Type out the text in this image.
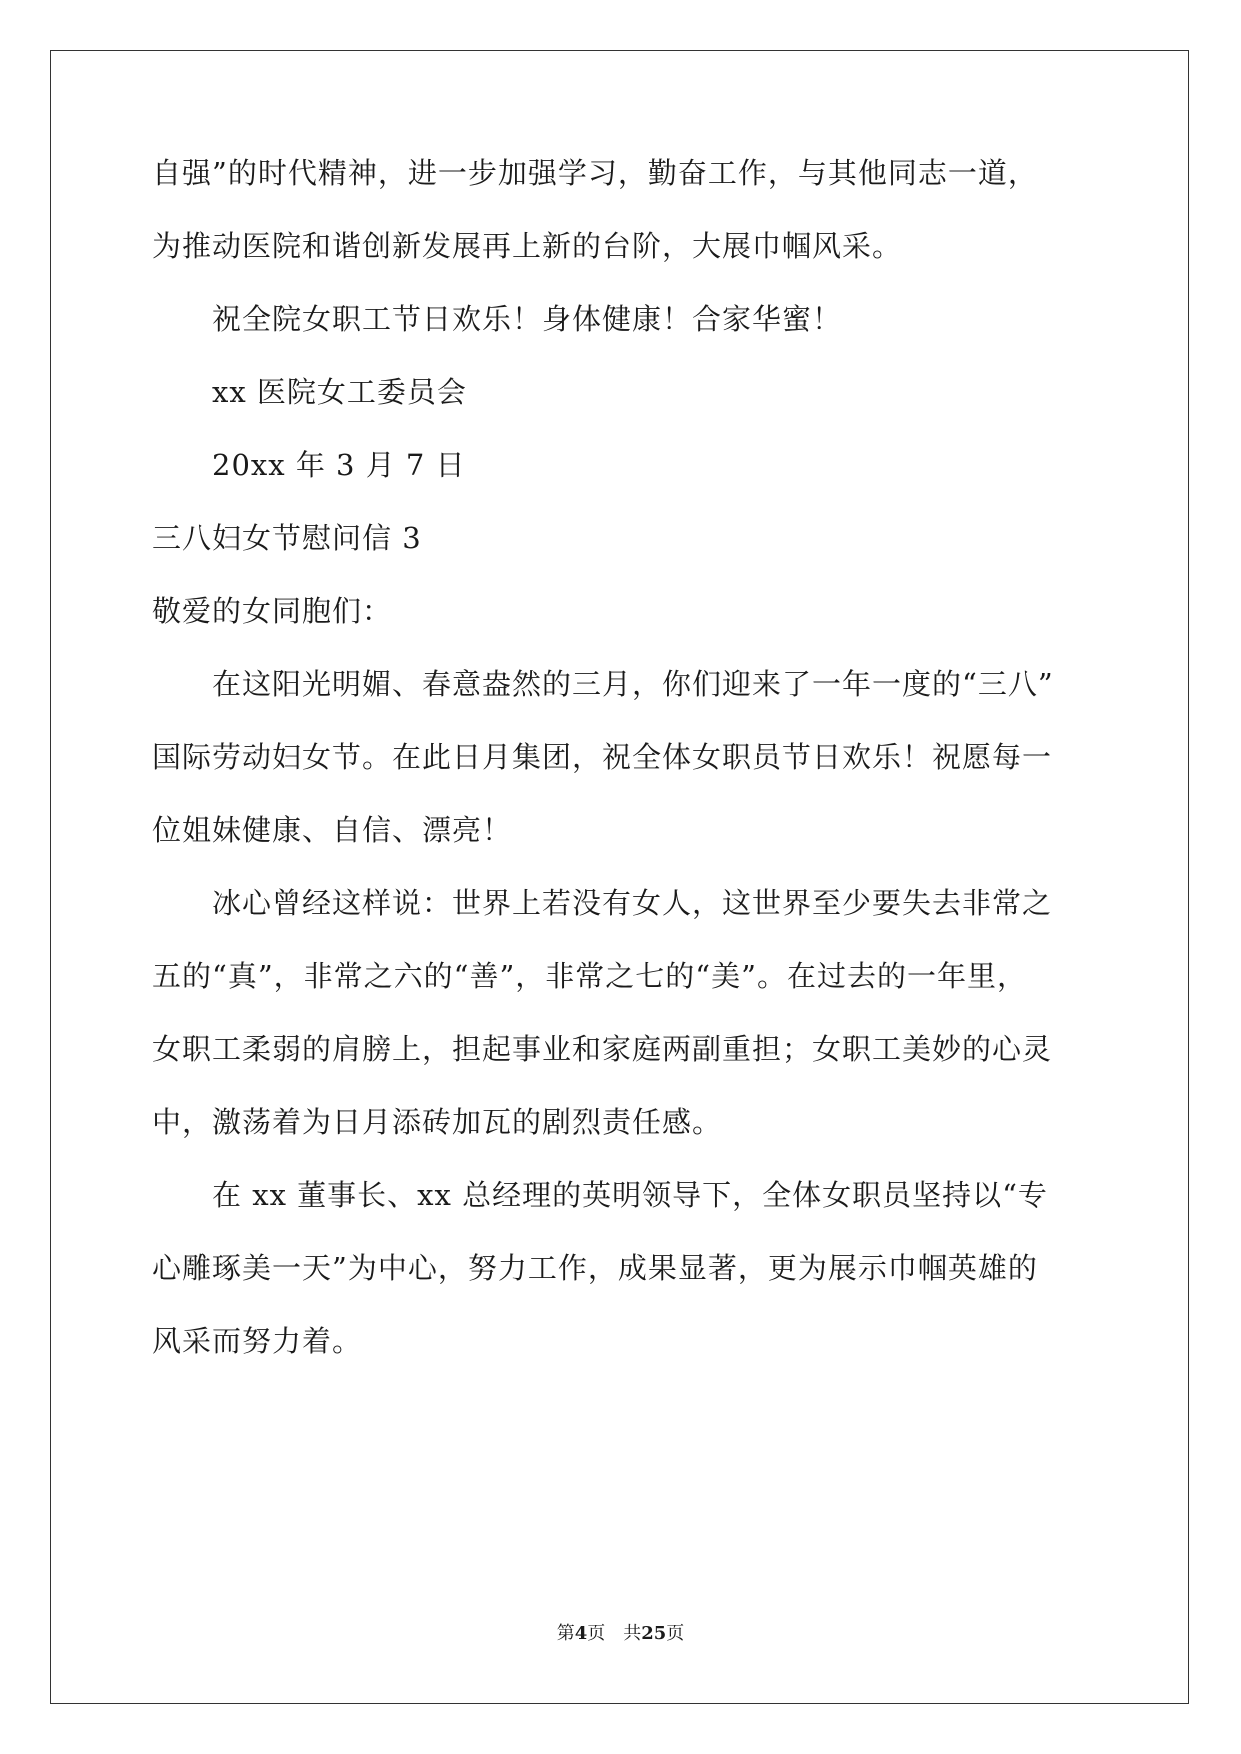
自强”的时代精神，进一步加强学习，勤奋工作，与其他同志一道，
为推动医院和谐创新发展再上新的台阶，大展巾帼风采。
祝全院女职工节日欢乐！身体健康！合家华蜜！
xx 医院女工委员会
20xx 年 3 月 7 日
三八妇女节慰问信 3
敬爱的女同胞们：
在这阳光明媚、春意盎然的三月，你们迎来了一年一度的“三八”
国际劳动妇女节。在此日月集团，祝全体女职员节日欢乐！祝愿每一
位姐妹健康、自信、漂亮！
冰心曾经这样说：世界上若没有女人，这世界至少要失去非常之
五的“真”，非常之六的“善”，非常之七的“美”。在过去的一年里，
女职工柔弱的肩膀上，担起事业和家庭两副重担；女职工美妙的心灵
中，激荡着为日月添砖加瓦的剧烈责任感。
在 xx 董事长、xx 总经理的英明领导下，全体女职员坚持以“专
心雕琢美一天”为中心，努力工作，成果显著，更为展示巾帼英雄的
风采而努力着。
第4页 共25页
